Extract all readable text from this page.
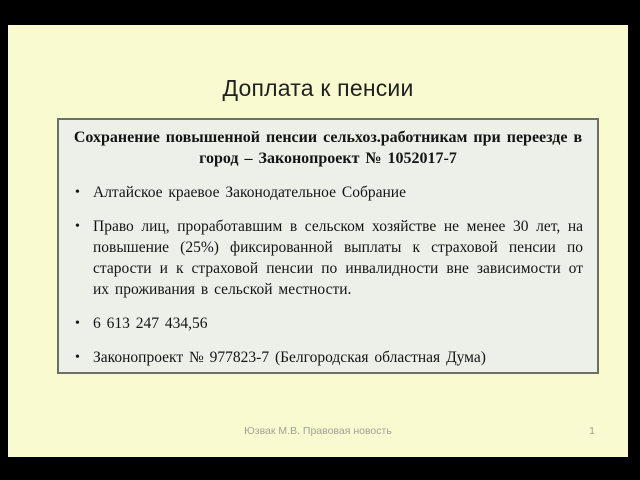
Доплата к пенсии
Сохранение повышенной пенсии сельхоз.работникам при переезде в город – Законопроект № 1052017-7
• Алтайское краевое Законодательное Собрание
• Право лиц, проработавшим в сельском хозяйстве не менее 30 лет, на повышение (25%) фиксированной выплаты к страховой пенсии по старости и к страховой пенсии по инвалидности вне зависимости от их проживания в сельской местности.
• 6 613 247 434,56
• Законопроект № 977823-7 (Белгородская областная Дума)
Юзвак М.В. Правовая новость	1
